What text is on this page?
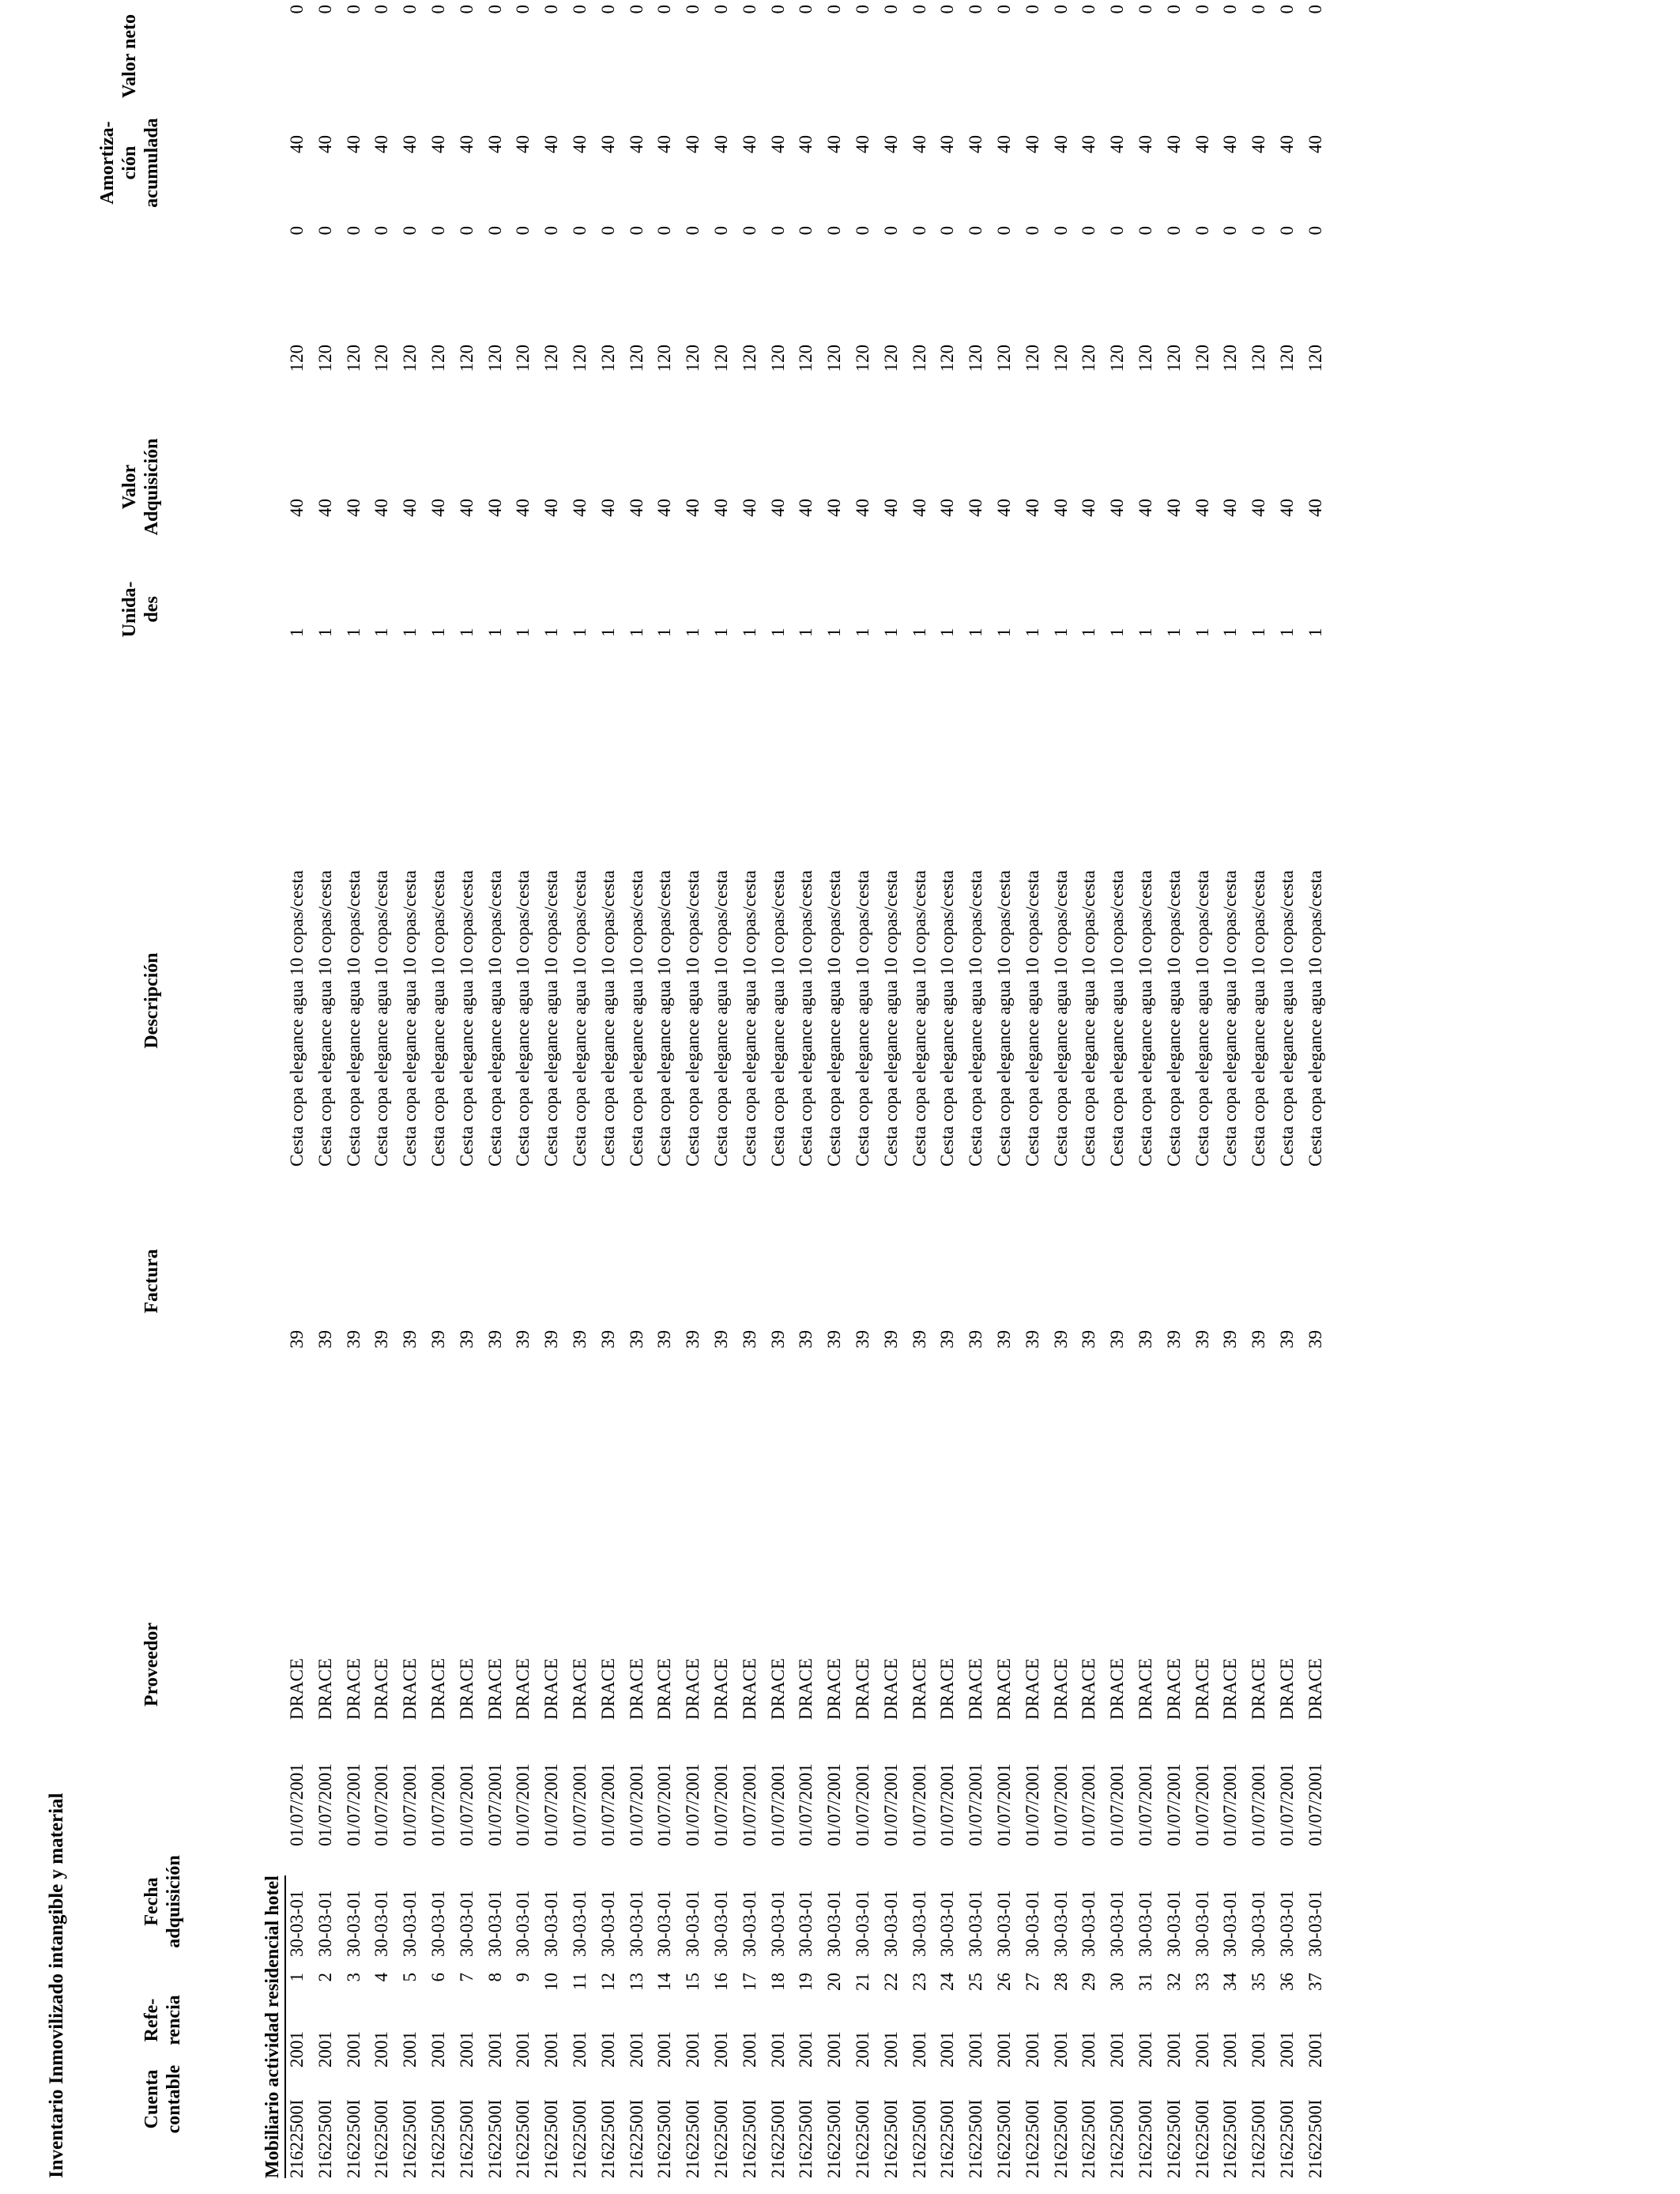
Inventario Inmovilizado intangible y material	Cuenta
contable
Refe-
rencia
Fecha
adquisición
Proveedor
Factura
Descripción
Unida-
des
Valor
Adquisición
Amortiza-
ción
acumulada
Valor neto
Mobiliario actividad residencial hotel 21622500I
2001
1
30-03-01
01/07/2001
DRACE
39
Cesta copa elegance agua 10 copas/cesta
1
40
120
0
40
0
21622500I
2001
2
30-03-01
01/07/2001
DRACE
39
Cesta copa elegance agua 10 copas/cesta
1
40
120
0
40
0
21622500I
2001
3
30-03-01
01/07/2001
DRACE
39
Cesta copa elegance agua 10 copas/cesta
1
40
120
0
40
0
21622500I
2001
4
30-03-01
01/07/2001
DRACE
39
Cesta copa elegance agua 10 copas/cesta
1
40
120
0
40
0
21622500I
2001
5
30-03-01
01/07/2001
DRACE
39
Cesta copa elegance agua 10 copas/cesta
1
40
120
0
40
0
21622500I
2001
6
30-03-01
01/07/2001
DRACE
39
Cesta copa elegance agua 10 copas/cesta
1
40
120
0
40
0
21622500I
2001
7
30-03-01
01/07/2001
DRACE
39
Cesta copa elegance agua 10 copas/cesta
1
40
120
0
40
0
21622500I
2001
8
30-03-01
01/07/2001
DRACE
39
Cesta copa elegance agua 10 copas/cesta
1
40
120
0
40
0
21622500I
2001
9
30-03-01
01/07/2001
DRACE
39
Cesta copa elegance agua 10 copas/cesta
1
40
120
0
40
0
21622500I
2001
10
30-03-01
01/07/2001
DRACE
39
Cesta copa elegance agua 10 copas/cesta
1
40
120
0
40
0
21622500I
2001
11
30-03-01
01/07/2001
DRACE
39
Cesta copa elegance agua 10 copas/cesta
1
40
120
0
40
0
21622500I
2001
12
30-03-01
01/07/2001
DRACE
39
Cesta copa elegance agua 10 copas/cesta
1
40
120
0
40
0
21622500I
2001
13
30-03-01
01/07/2001
DRACE
39
Cesta copa elegance agua 10 copas/cesta
1
40
120
0
40
0
21622500I
2001
14
30-03-01
01/07/2001
DRACE
39
Cesta copa elegance agua 10 copas/cesta
1
40
120
0
40
0
21622500I
2001
15
30-03-01
01/07/2001
DRACE
39
Cesta copa elegance agua 10 copas/cesta
1
40
120
0
40
0
21622500I
2001
16
30-03-01
01/07/2001
DRACE
39
Cesta copa elegance agua 10 copas/cesta
1
40
120
0
40
0
21622500I
2001
17
30-03-01
01/07/2001
DRACE
39
Cesta copa elegance agua 10 copas/cesta
1
40
120
0
40
0
21622500I
2001
18
30-03-01
01/07/2001
DRACE
39
Cesta copa elegance agua 10 copas/cesta
1
40
120
0
40
0
21622500I
2001
19
30-03-01
01/07/2001
DRACE
39
Cesta copa elegance agua 10 copas/cesta
1
40
120
0
40
0
21622500I
2001
20
30-03-01
01/07/2001
DRACE
39
Cesta copa elegance agua 10 copas/cesta
1
40
120
0
40
0
21622500I
2001
21
30-03-01
01/07/2001
DRACE
39
Cesta copa elegance agua 10 copas/cesta
1
40
120
0
40
0
21622500I
2001
22
30-03-01
01/07/2001
DRACE
39
Cesta copa elegance agua 10 copas/cesta
1
40
120
0
40
0
21622500I
2001
23
30-03-01
01/07/2001
DRACE
39
Cesta copa elegance agua 10 copas/cesta
1
40
120
0
40
0
21622500I
2001
24
30-03-01
01/07/2001
DRACE
39
Cesta copa elegance agua 10 copas/cesta
1
40
120
0
40
0
21622500I
2001
25
30-03-01
01/07/2001
DRACE
39
Cesta copa elegance agua 10 copas/cesta
1
40
120
0
40
0
21622500I
2001
26
30-03-01
01/07/2001
DRACE
39
Cesta copa elegance agua 10 copas/cesta
1
40
120
0
40
0
21622500I
2001
27
30-03-01
01/07/2001
DRACE
39
Cesta copa elegance agua 10 copas/cesta
1
40
120
0
40
0
21622500I
2001
28
30-03-01
01/07/2001
DRACE
39
Cesta copa elegance agua 10 copas/cesta
1
40
120
0
40
0
21622500I
2001
29
30-03-01
01/07/2001
DRACE
39
Cesta copa elegance agua 10 copas/cesta
1
40
120
0
40
0
21622500I
2001
30
30-03-01
01/07/2001
DRACE
39
Cesta copa elegance agua 10 copas/cesta
1
40
120
0
40
0
21622500I
2001
31
30-03-01
01/07/2001
DRACE
39
Cesta copa elegance agua 10 copas/cesta
1
40
120
0
40
0
21622500I
2001
32
30-03-01
01/07/2001
DRACE
39
Cesta copa elegance agua 10 copas/cesta
1
40
120
0
40
0
21622500I
2001
33
30-03-01
01/07/2001
DRACE
39
Cesta copa elegance agua 10 copas/cesta
1
40
120
0
40
0
21622500I
2001
34
30-03-01
01/07/2001
DRACE
39
Cesta copa elegance agua 10 copas/cesta
1
40
120
0
40
0
21622500I
2001
35
30-03-01
01/07/2001
DRACE
39
Cesta copa elegance agua 10 copas/cesta
1
40
120
0
40
0
21622500I
2001
36
30-03-01
01/07/2001
DRACE
39
Cesta copa elegance agua 10 copas/cesta
1
40
120
0
40
0
21622500I
2001
37
30-03-01
01/07/2001
DRACE
39
Cesta copa elegance agua 10 copas/cesta
1
40
120
0
40
0
